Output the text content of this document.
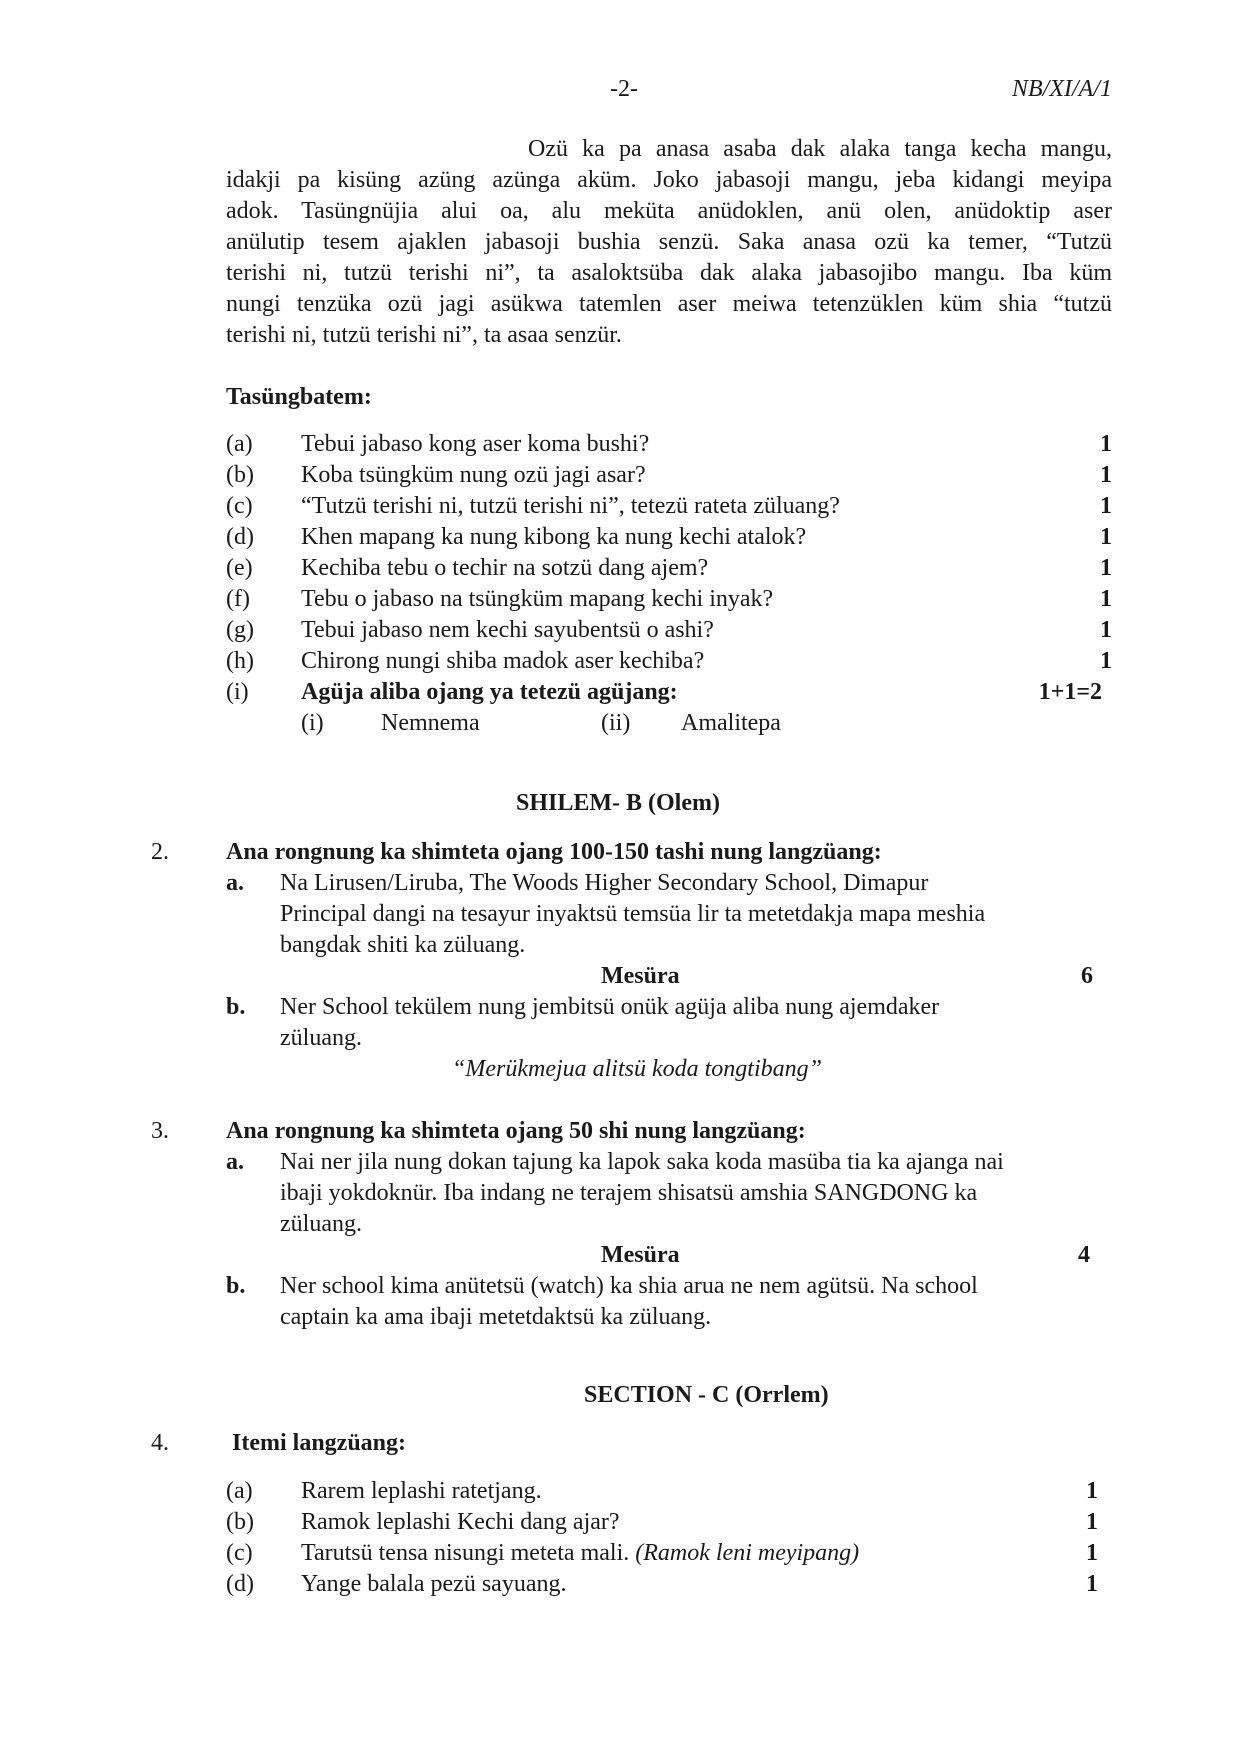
-2-	NB/XI/A/1
Ozü ka pa anasa asaba dak alaka tanga kecha mangu,
idakji pa kisüng azüng azünga aküm. Joko jabasoji mangu, jeba kidangi meyipa
adok. Tasüngnüjia alui oa, alu meküta anüdoklen, anü olen, anüdoktip aser
anülutip tesem ajaklen jabasoji bushia senzü. Saka anasa ozü ka temer, “Tutzü
terishi ni, tutzü terishi ni”, ta asaloktsüba dak alaka jabasojibo mangu. Iba küm
nungi tenzüka ozü jagi asükwa tatemlen aser meiwa tetenzüklen küm shia “tutzü
terishi ni, tutzü terishi ni”, ta asaa senzür.
Tasüngbatem:
(a) Tebui jabaso kong aser koma bushi?	1
(b) Koba tsüngküm nung ozü jagi asar?	1
(c) “Tutzü terishi ni, tutzü terishi ni”, tetezü rateta züluang?	1
(d) Khen mapang ka nung kibong ka nung kechi atalok?	1
(e) Kechiba tebu o techir na sotzü dang ajem?	1
(f) Tebu o jabaso na tsüngküm mapang kechi inyak?	1
(g) Tebui jabaso nem kechi sayubentsü o ashi?	1
(h) Chirong nungi shiba madok aser kechiba?	1
(i) Agüja aliba ojang ya tetezü agüjang:	1+1=2
(i) Nemnema	(ii) Amalitepa
SHILEM- B (Olem)
2. Ana rongnung ka shimteta ojang 100-150 tashi nung langzüang:
a. Na Lirusen/Liruba, The Woods Higher Secondary School, Dimapur
Principal dangi na tesayur inyaktsü temsüa lir ta metetdakja mapa meshia
bangdak shiti ka züluang.
Mesüra	6
b. Ner School tekülem nung jembitsü onük agüja aliba nung ajemdaker
züluang.
“Merükmejua alitsü koda tongtibang”
3. Ana rongnung ka shimteta ojang 50 shi nung langzüang:
a. Nai ner jila nung dokan tajung ka lapok saka koda masüba tia ka ajanga nai
ibaji yokdoknür. Iba indang ne terajem shisatsü amshia SANGDONG ka
züluang.
Mesüra	4
b. Ner school kima anütetsü (watch) ka shia arua ne nem agütsü. Na school
captain ka ama ibaji metetdaktsü ka züluang.
SECTION - C (Orrlem)
4.	Itemi langzüang:
(a) Rarem leplashi ratetjang.	1
(b) Ramok leplashi Kechi dang ajar?	1
(c) Tarutsü tensa nisungi meteta mali. (Ramok leni meyipang)	1
(d) Yange balala pezü sayuang.	1
